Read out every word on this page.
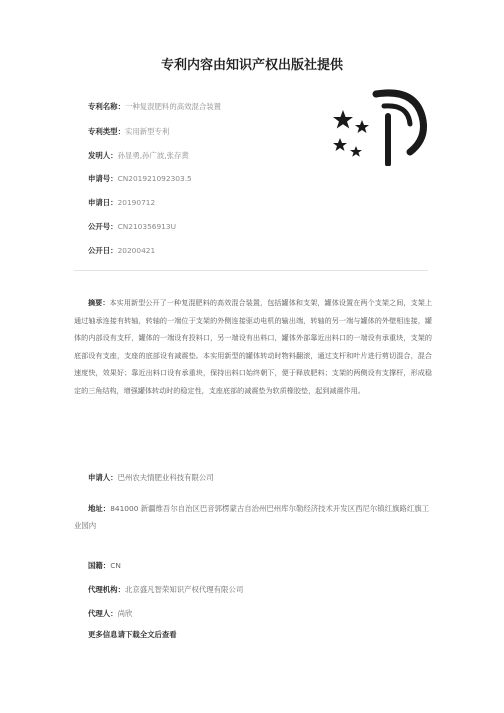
专利内容由知识产权出版社提供
专利名称：一种复混肥料的高效混合装置
专利类型：实用新型专利
发明人：孙显勇,孙广波,张存黄
申请号：CN201921092303.5
申请日：20190712
公开号：CN210356913U
公开日：20200421
摘要：本实用新型公开了一种复混肥料的高效混合装置，包括罐体和支架，罐体设置在两个支架之间，支架上通过轴承连接有转轴，转轴的一端位于支架的外侧连接驱动电机的输出端，转轴的另一端与罐体的外壁相连接，罐体的内部设有支杆，罐体的一端设有投料口，另一端设有出料口，罐体外部靠近出料口的一端设有承重块，支架的底部设有支座，支座的底部设有减震垫。本实用新型的罐体转动时物料翻滚，通过支杆和叶片进行剪切混合，混合速度快，效果好；靠近出料口设有承重块，保持出料口始终朝下，便于释放肥料；支架的两侧设有支撑杆，形成稳定的三角结构，增强罐体转动时的稳定性，支座底部的减震垫为软质橡胶垫，起到减震作用。
申请人：巴州农夫情肥业科技有限公司
地址：841000 新疆维吾尔自治区巴音郭楞蒙古自治州巴州库尔勒经济技术开发区西尼尔镇红旗路红旗工业园内
国籍：CN
代理机构：北京盛凡智荣知识产权代理有限公司
代理人：尚欣
更多信息请下载全文后查看
